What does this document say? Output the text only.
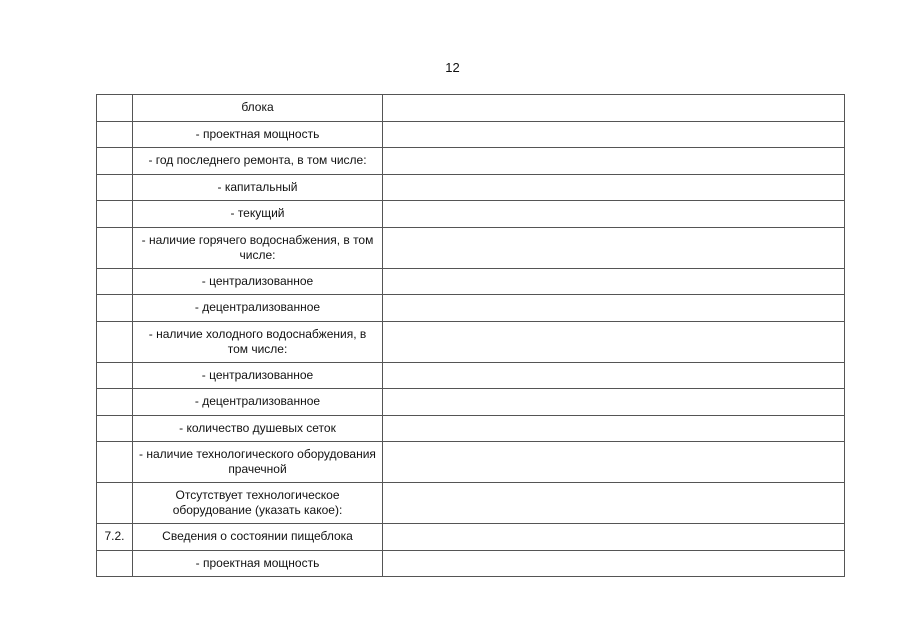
12
	блока	
	- проектная мощность	
	- год последнего ремонта, в том числе:	
	- капитальный	
	- текущий	
	- наличие горячего водоснабжения, в том числе:	
	- централизованное	
	- децентрализованное	
	- наличие холодного водоснабжения, в том числе:	
	- централизованное	
	- децентрализованное	
	- количество душевых сеток	
	- наличие технологического оборудования прачечной	
	Отсутствует технологическое оборудование (указать какое):	
7.2.	Сведения о состоянии пищеблока	
	- проектная мощность	
